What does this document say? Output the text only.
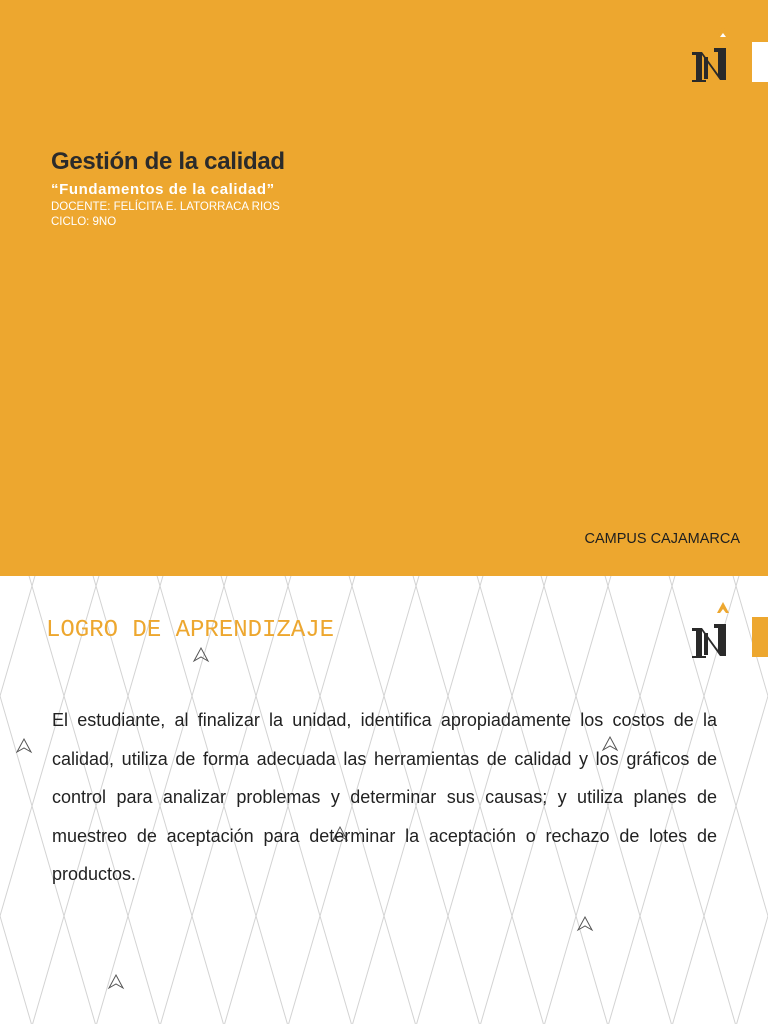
Gestión de la calidad
“Fundamentos de la calidad”
DOCENTE: FELÍCITA E. LATORRACA RIOS
CICLO: 9NO
CAMPUS CAJAMARCA
LOGRO DE APRENDIZAJE

El estudiante, al finalizar la unidad, identifica apropiadamente los costos de la calidad, utiliza de forma adecuada las herramientas de calidad y los gráficos de control para analizar problemas y determinar sus causas; y utiliza planes de muestreo de aceptación para determinar la aceptación o rechazo de lotes de productos.
